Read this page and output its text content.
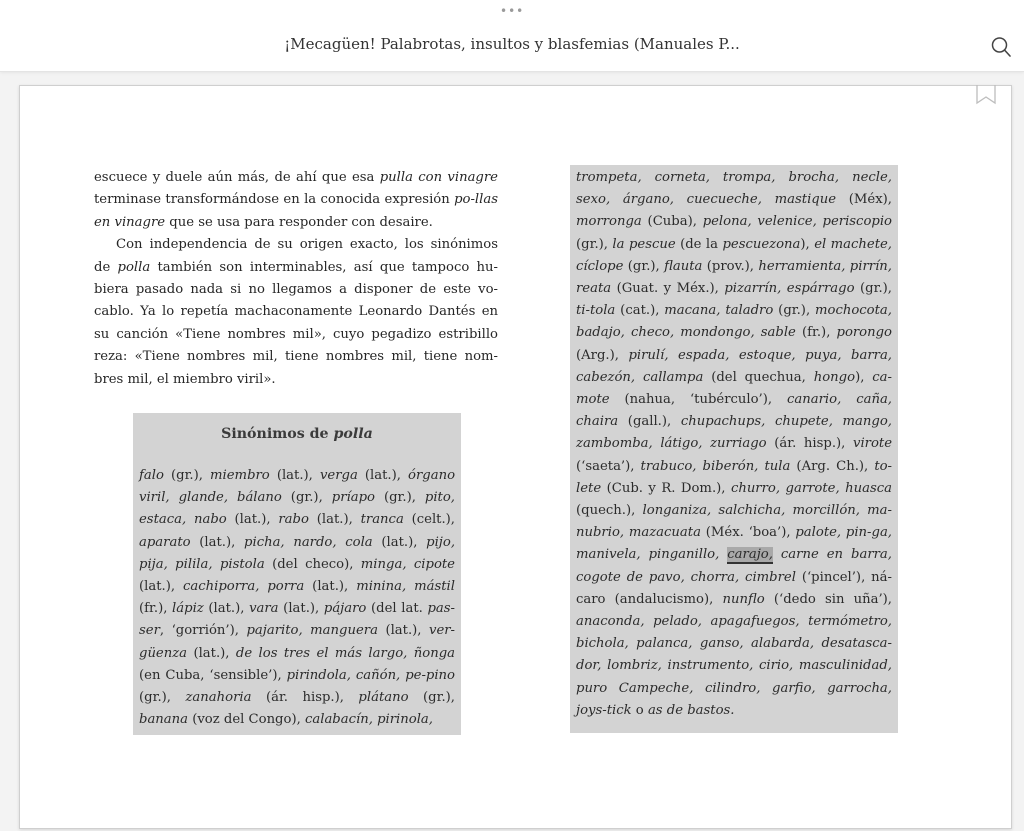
•••
¡Mecagüen! Palabrotas, insultos y blasfemias (Manuales P...

escuece y duele aún más, de ahí que esa pulla con vinagre terminase transformándose en la conocida expresión po-llas en vinagre que se usa para responder con desaire.

Con independencia de su origen exacto, los sinónimos de polla también son interminables, así que tampoco hu-biera pasado nada si no llegamos a disponer de este vo-cablo. Ya lo repetía machaconamente Leonardo Dantés en su canción «Tiene nombres mil», cuyo pegadizo estribillo reza: «Tiene nombres mil, tiene nombres mil, tiene nom-bres mil, el miembro viril».

Sinónimos de polla
falo (gr.), miembro (lat.), verga (lat.), órgano viril, glande, bálano (gr.), príapo (gr.), pito, estaca, nabo (lat.), rabo (lat.), tranca (celt.), aparato (lat.), picha, nardo, cola (lat.), pijo, pija, pilila, pistola (del checo), minga, cipote (lat.), cachiporra, porra (lat.), minina, mástil (fr.), lápiz (lat.), vara (lat.), pájaro (del lat. pas-ser, ‘gorrión’), pajarito, manguera (lat.), ver-güenza (lat.), de los tres el más largo, ñonga (en Cuba, ‘sensible’), pirindola, cañón, pe-pino (gr.), zanahoria (ár. hisp.), plátano (gr.), banana (voz del Congo), calabacín, pirinola,
trompeta, corneta, trompa, brocha, necle, sexo, árgano, cuecueche, mastique (Méx), morronga (Cuba), pelona, velenice, periscopio (gr.), la pescue (de la pescuezona), el machete, cíclope (gr.), flauta (prov.), herramienta, pirrín, reata (Guat. y Méx.), pizarrín, espárrago (gr.), ti-tola (cat.), macana, taladro (gr.), mochocota, badajo, checo, mondongo, sable (fr.), porongo (Arg.), pirulí, espada, estoque, puya, barra, cabezón, callampa (del quechua, hongo), ca-mote (nahua, ‘tubérculo’), canario, caña, chaira (gall.), chupachups, chupete, mango, zambomba, látigo, zurriago (ár. hisp.), virote (‘saeta’), trabuco, biberón, tula (Arg. Ch.), to-lete (Cub. y R. Dom.), churro, garrote, huasca (quech.), longaniza, salchicha, morcillón, ma-nubrio, mazacuata (Méx. ‘boa’), palote, pin-ga, manivela, pinganillo, carajo, carne en barra, cogote de pavo, chorra, cimbrel (‘pincel’), ná-caro (andalucismo), nunflo (‘dedo sin uña’), anaconda, pelado, apagafuegos, termómetro, bichola, palanca, ganso, alabarda, desatasca-dor, lombriz, instrumento, cirio, masculinidad, puro Campeche, cilindro, garfio, garrocha, joys-tick o as de bastos.
